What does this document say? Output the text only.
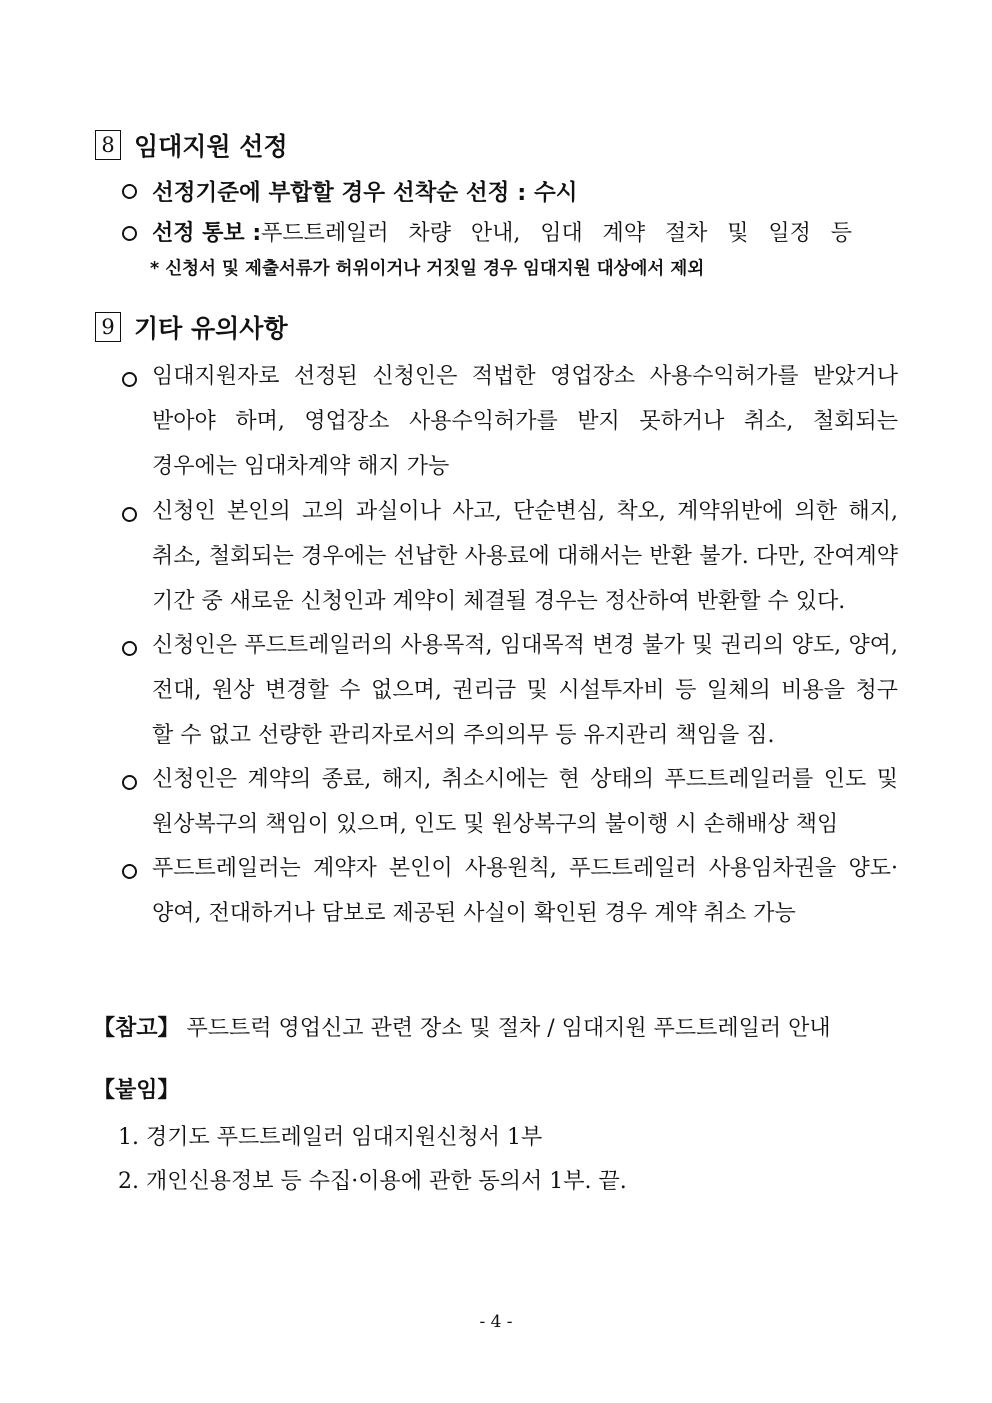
8 임대지원 선정
선정기준에 부합할 경우 선착순 선정 : 수시
선정 통보 : 푸드트레일러 차량 안내, 임대 계약 절차 및 일정 등
* 신청서 및 제출서류가 허위이거나 거짓일 경우 임대지원 대상에서 제외
9 기타 유의사항
임대지원자로 선정된 신청인은 적법한 영업장소 사용수익허가를 받았거나
받아야 하며, 영업장소 사용수익허가를 받지 못하거나 취소, 철회되는
경우에는 임대차계약 해지 가능
신청인 본인의 고의 과실이나 사고, 단순변심, 착오, 계약위반에 의한 해지,
취소, 철회되는 경우에는 선납한 사용료에 대해서는 반환 불가. 다만, 잔여계약
기간 중 새로운 신청인과 계약이 체결될 경우는 정산하여 반환할 수 있다.
신청인은 푸드트레일러의 사용목적, 임대목적 변경 불가 및 권리의 양도, 양여,
전대, 원상 변경할 수 없으며, 권리금 및 시설투자비 등 일체의 비용을 청구
할 수 없고 선량한 관리자로서의 주의의무 등 유지관리 책임을 짐.
신청인은 계약의 종료, 해지, 취소시에는 현 상태의 푸드트레일러를 인도 및
원상복구의 책임이 있으며, 인도 및 원상복구의 불이행 시 손해배상 책임
푸드트레일러는 계약자 본인이 사용원칙, 푸드트레일러 사용임차권을 양도·
양여, 전대하거나 담보로 제공된 사실이 확인된 경우 계약 취소 가능
【참고】 푸드트럭 영업신고 관련 장소 및 절차 / 임대지원 푸드트레일러 안내
【붙임】
1. 경기도 푸드트레일러 임대지원신청서 1부
2. 개인신용정보 등 수집·이용에 관한 동의서 1부. 끝.
- 4 -
